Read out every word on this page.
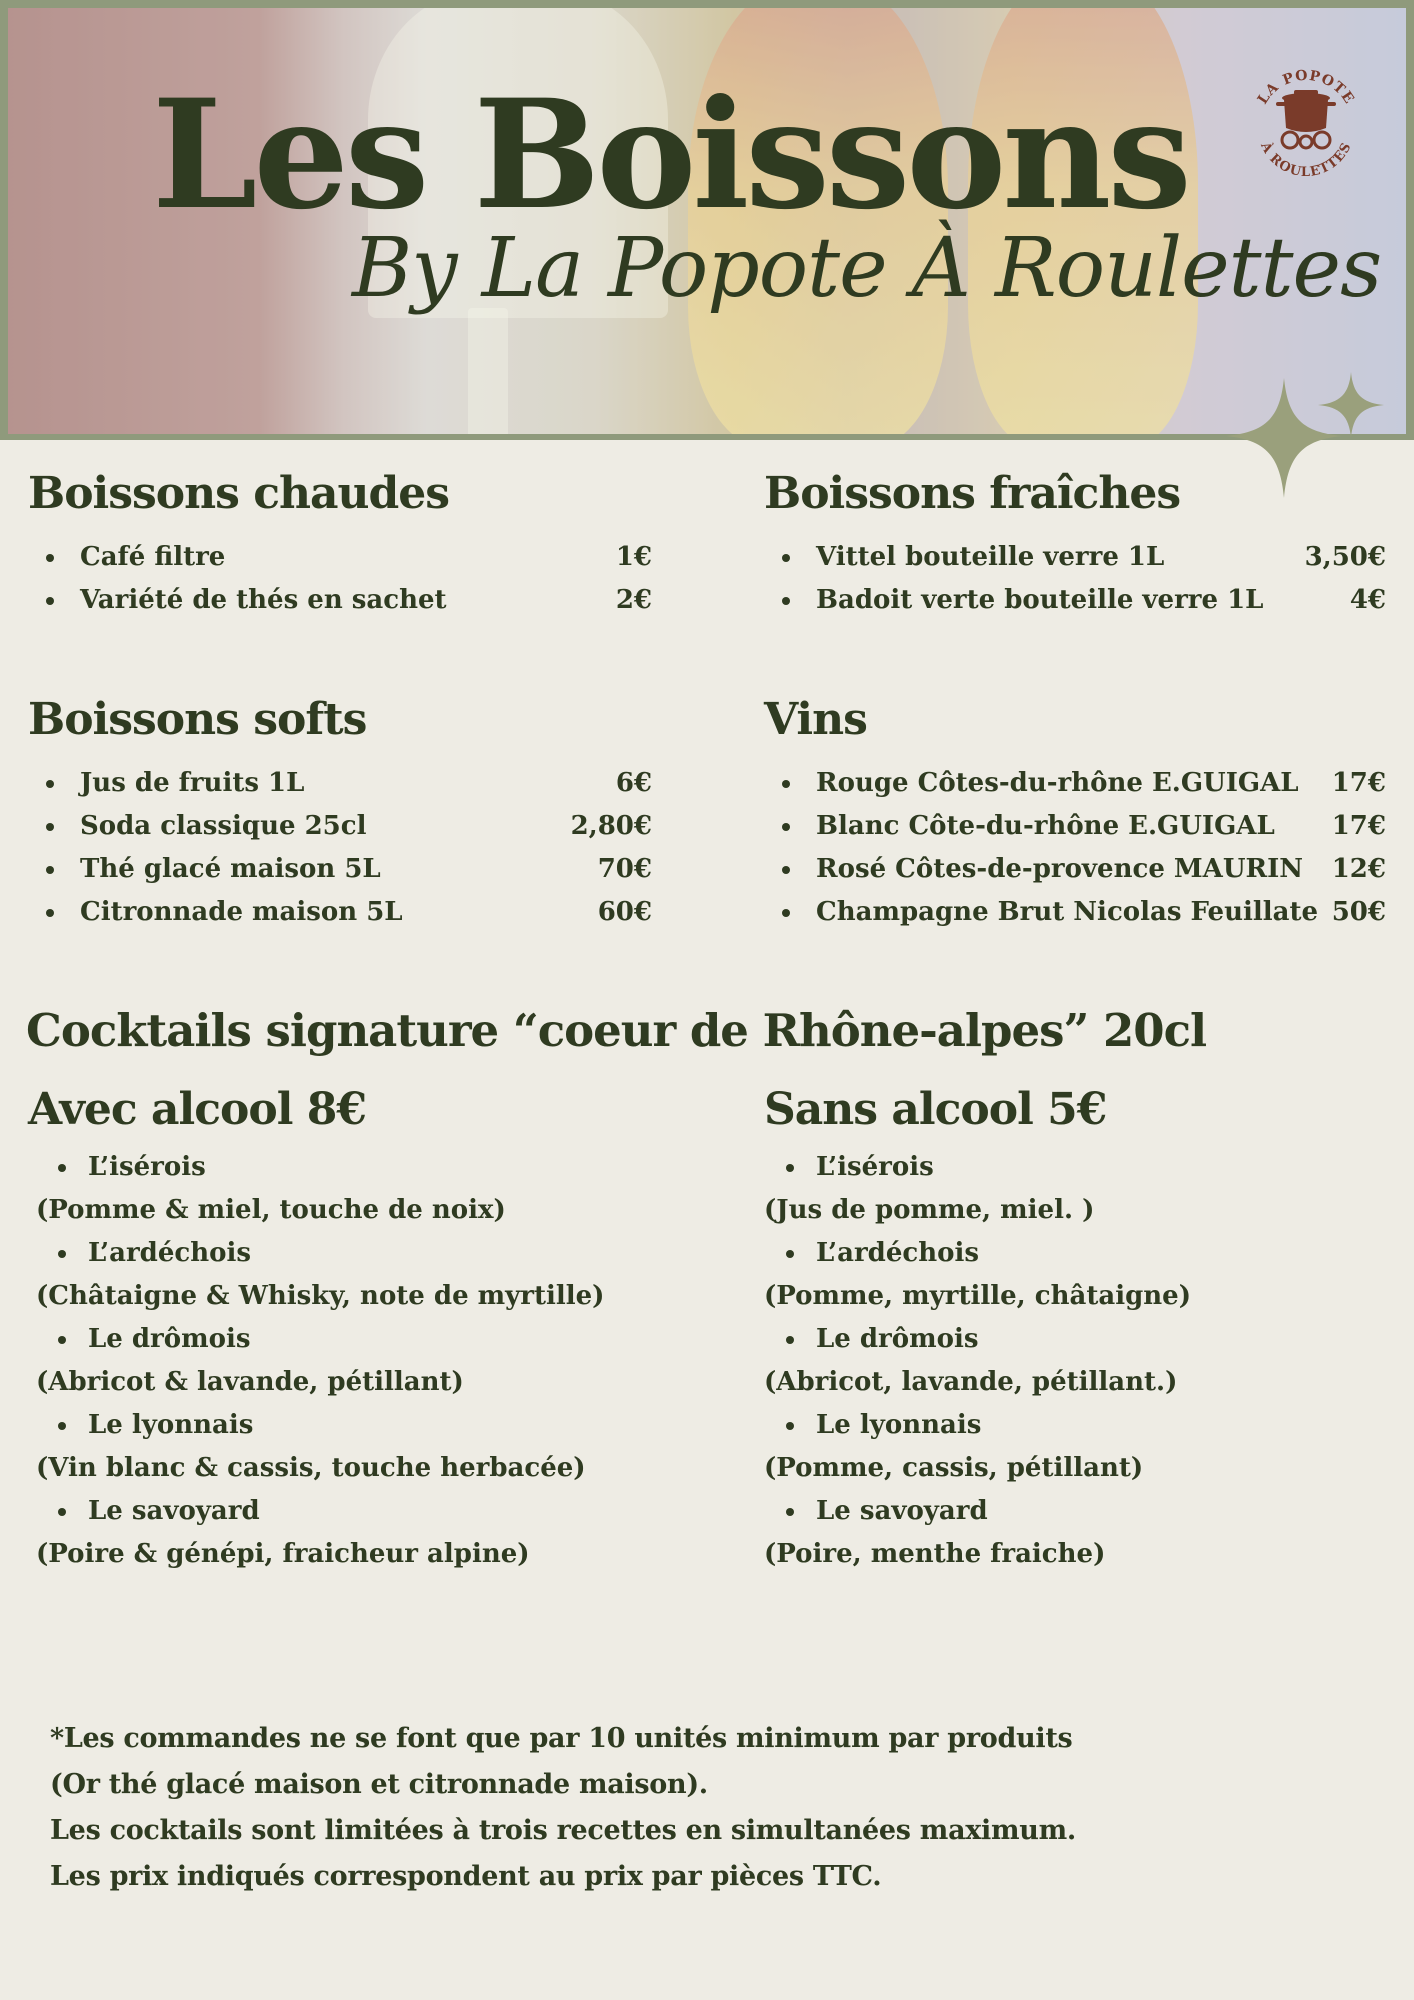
Les Boissons
By La Popote À Roulettes
LA POPOTE
À ROULETTES
Boissons chaudes
Café filtre	1€
Variété de thés en sachet	2€
Boissons fraîches
Vittel bouteille verre 1L	3,50€
Badoit verte bouteille verre 1L	4€
Boissons softs
Jus de fruits 1L	6€
Soda classique 25cl	2,80€
Thé glacé maison 5L	70€
Citronnade maison 5L	60€
Vins
Rouge Côtes-du-rhône E.GUIGAL 17€
Blanc Côte-du-rhône E.GUIGAL 17€
Rosé Côtes-de-provence MAURIN 12€
Champagne Brut Nicolas Feuillate 50€
Cocktails signature “coeur de Rhône-alpes” 20cl
Avec alcool 8€
L’isérois
(Pomme & miel, touche de noix)
L’ardéchois
(Châtaigne & Whisky, note de myrtille)
Le drômois
(Abricot & lavande, pétillant)
Le lyonnais
(Vin blanc & cassis, touche herbacée)
Le savoyard
(Poire & génépi, fraicheur alpine)
Sans alcool 5€
L’isérois
(Jus de pomme, miel. )
L’ardéchois
(Pomme, myrtille, châtaigne)
Le drômois
(Abricot, lavande, pétillant.)
Le lyonnais
(Pomme, cassis, pétillant)
Le savoyard
(Poire, menthe fraiche)

*Les commandes ne se font que par 10 unités minimum par produits

(Or thé glacé maison et citronnade maison).

Les cocktails sont limitées à trois recettes en simultanées maximum.

Les prix indiqués correspondent au prix par pièces TTC.
